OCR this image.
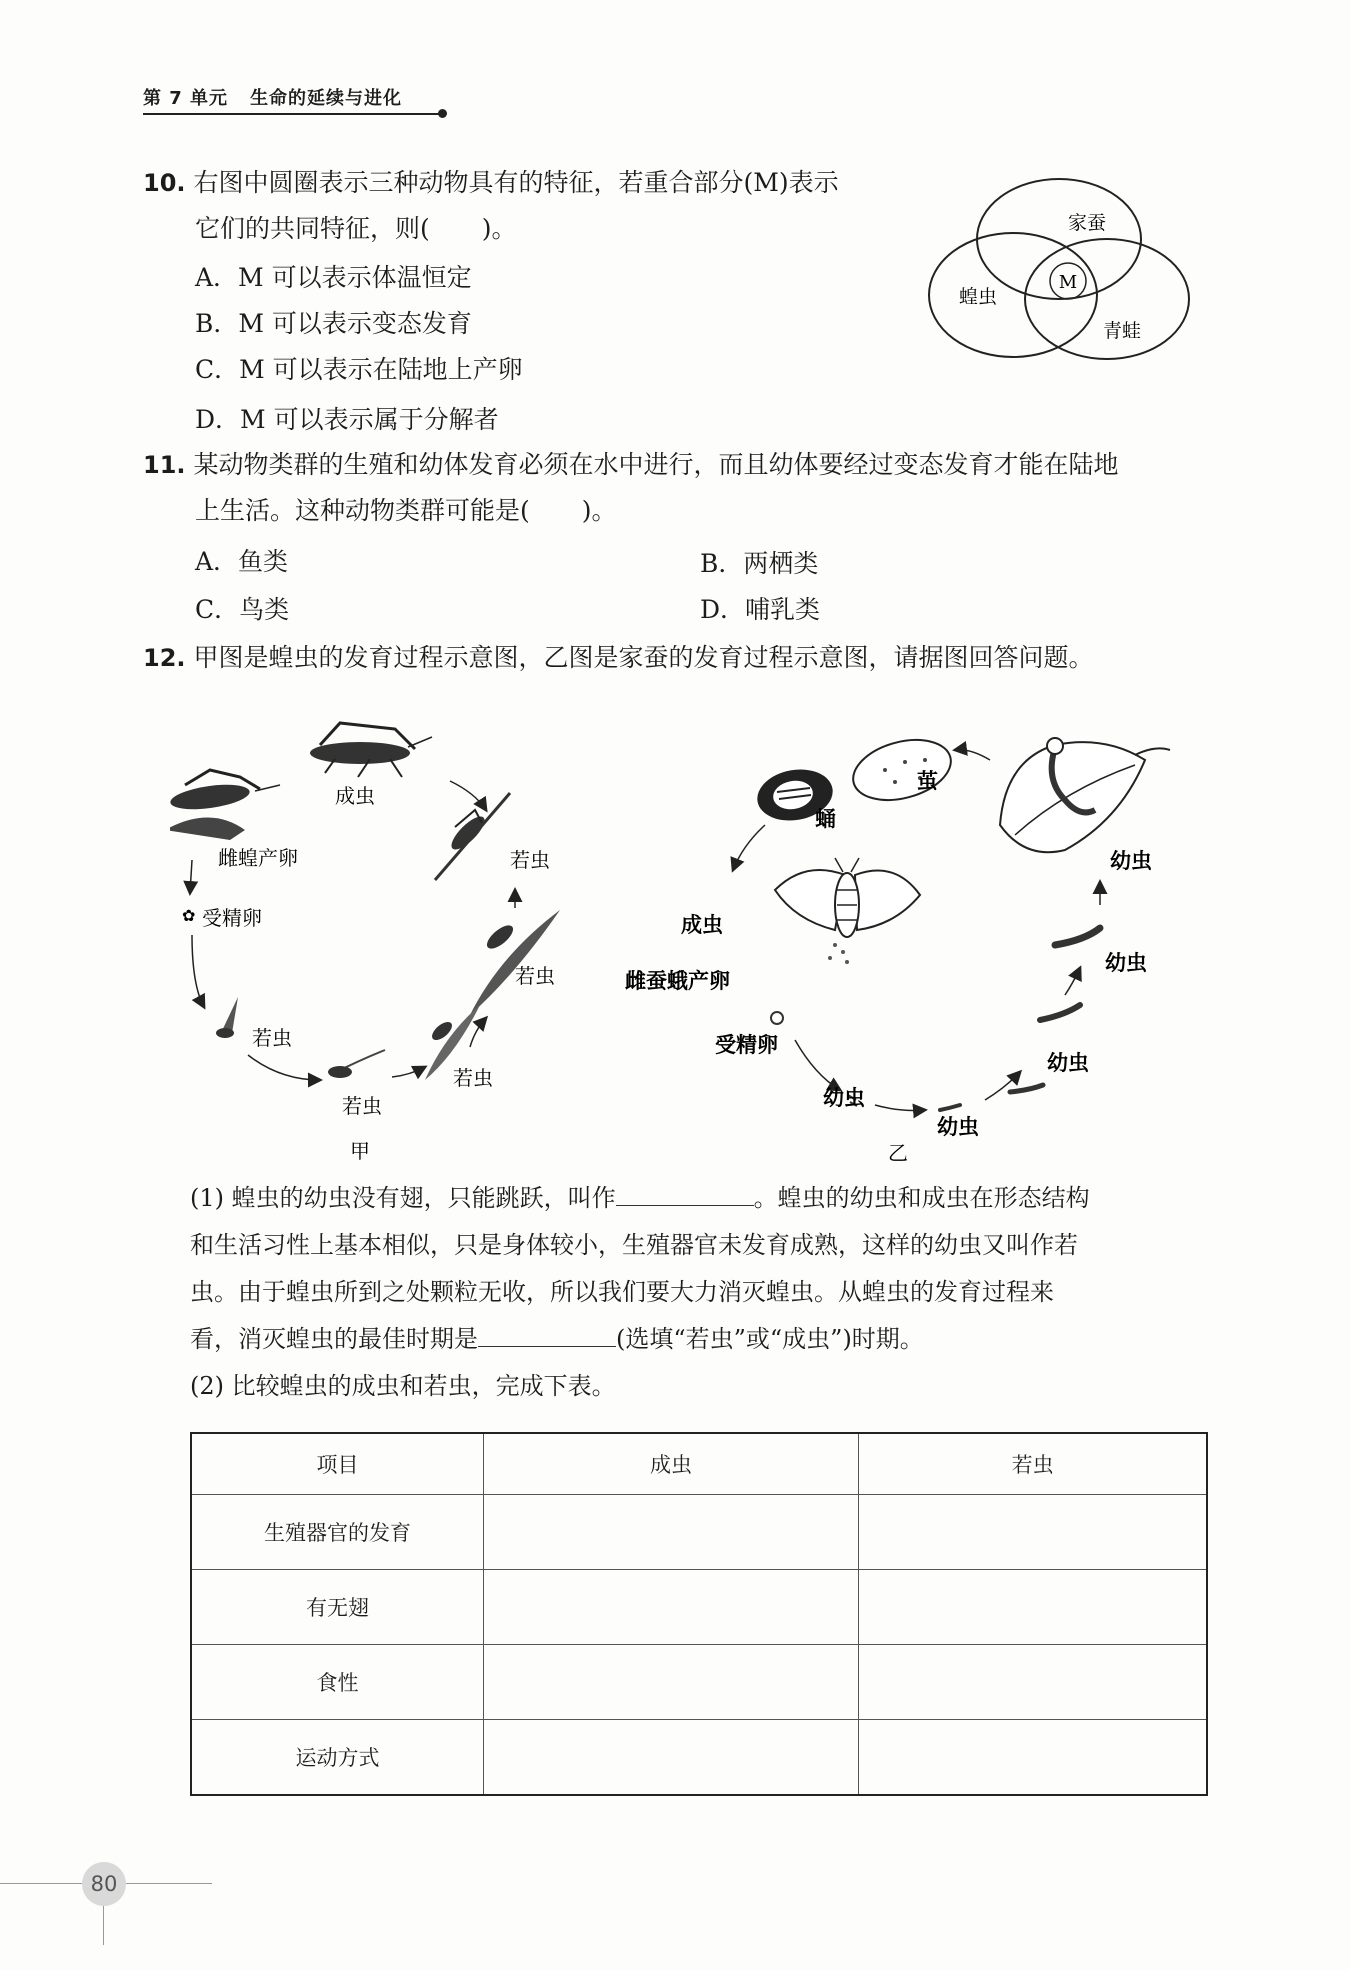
第 7 单元 生命的延续与进化
10. 右图中圆圈表示三种动物具有的特征，若重合部分(M)表示
它们的共同特征，则( )。
A．M 可以表示体温恒定
B．M 可以表示变态发育
C．M 可以表示在陆地上产卵
D．M 可以表示属于分解者
M
家蚕
蝗虫
青蛙
11. 某动物类群的生殖和幼体发育必须在水中进行，而且幼体要经过变态发育才能在陆地
上生活。这种动物类群可能是( )。
A．鱼类	B．两栖类
C．鸟类	D．哺乳类
12. 甲图是蝗虫的发育过程示意图，乙图是家蚕的发育过程示意图，请据图回答问题。
✿
成虫
雌蝗产卵
受精卵
若虫
若虫
若虫
若虫
若虫
甲
茧
蛹
幼虫
幼虫
幼虫
幼虫
幼虫
成虫
雌蚕蛾产卵
受精卵
乙
(1) 蝗虫的幼虫没有翅，只能跳跃，叫作	。蝗虫的幼虫和成虫在形态结构
和生活习性上基本相似，只是身体较小，生殖器官未发育成熟，这样的幼虫又叫作若
虫。由于蝗虫所到之处颗粒无收，所以我们要大力消灭蝗虫。从蝗虫的发育过程来
看，消灭蝗虫的最佳时期是	(选填“若虫”或“成虫”)时期。
(2) 比较蝗虫的成虫和若虫，完成下表。
项目	成虫	若虫
生殖器官的发育		
有无翅		
食性		
运动方式		
80
